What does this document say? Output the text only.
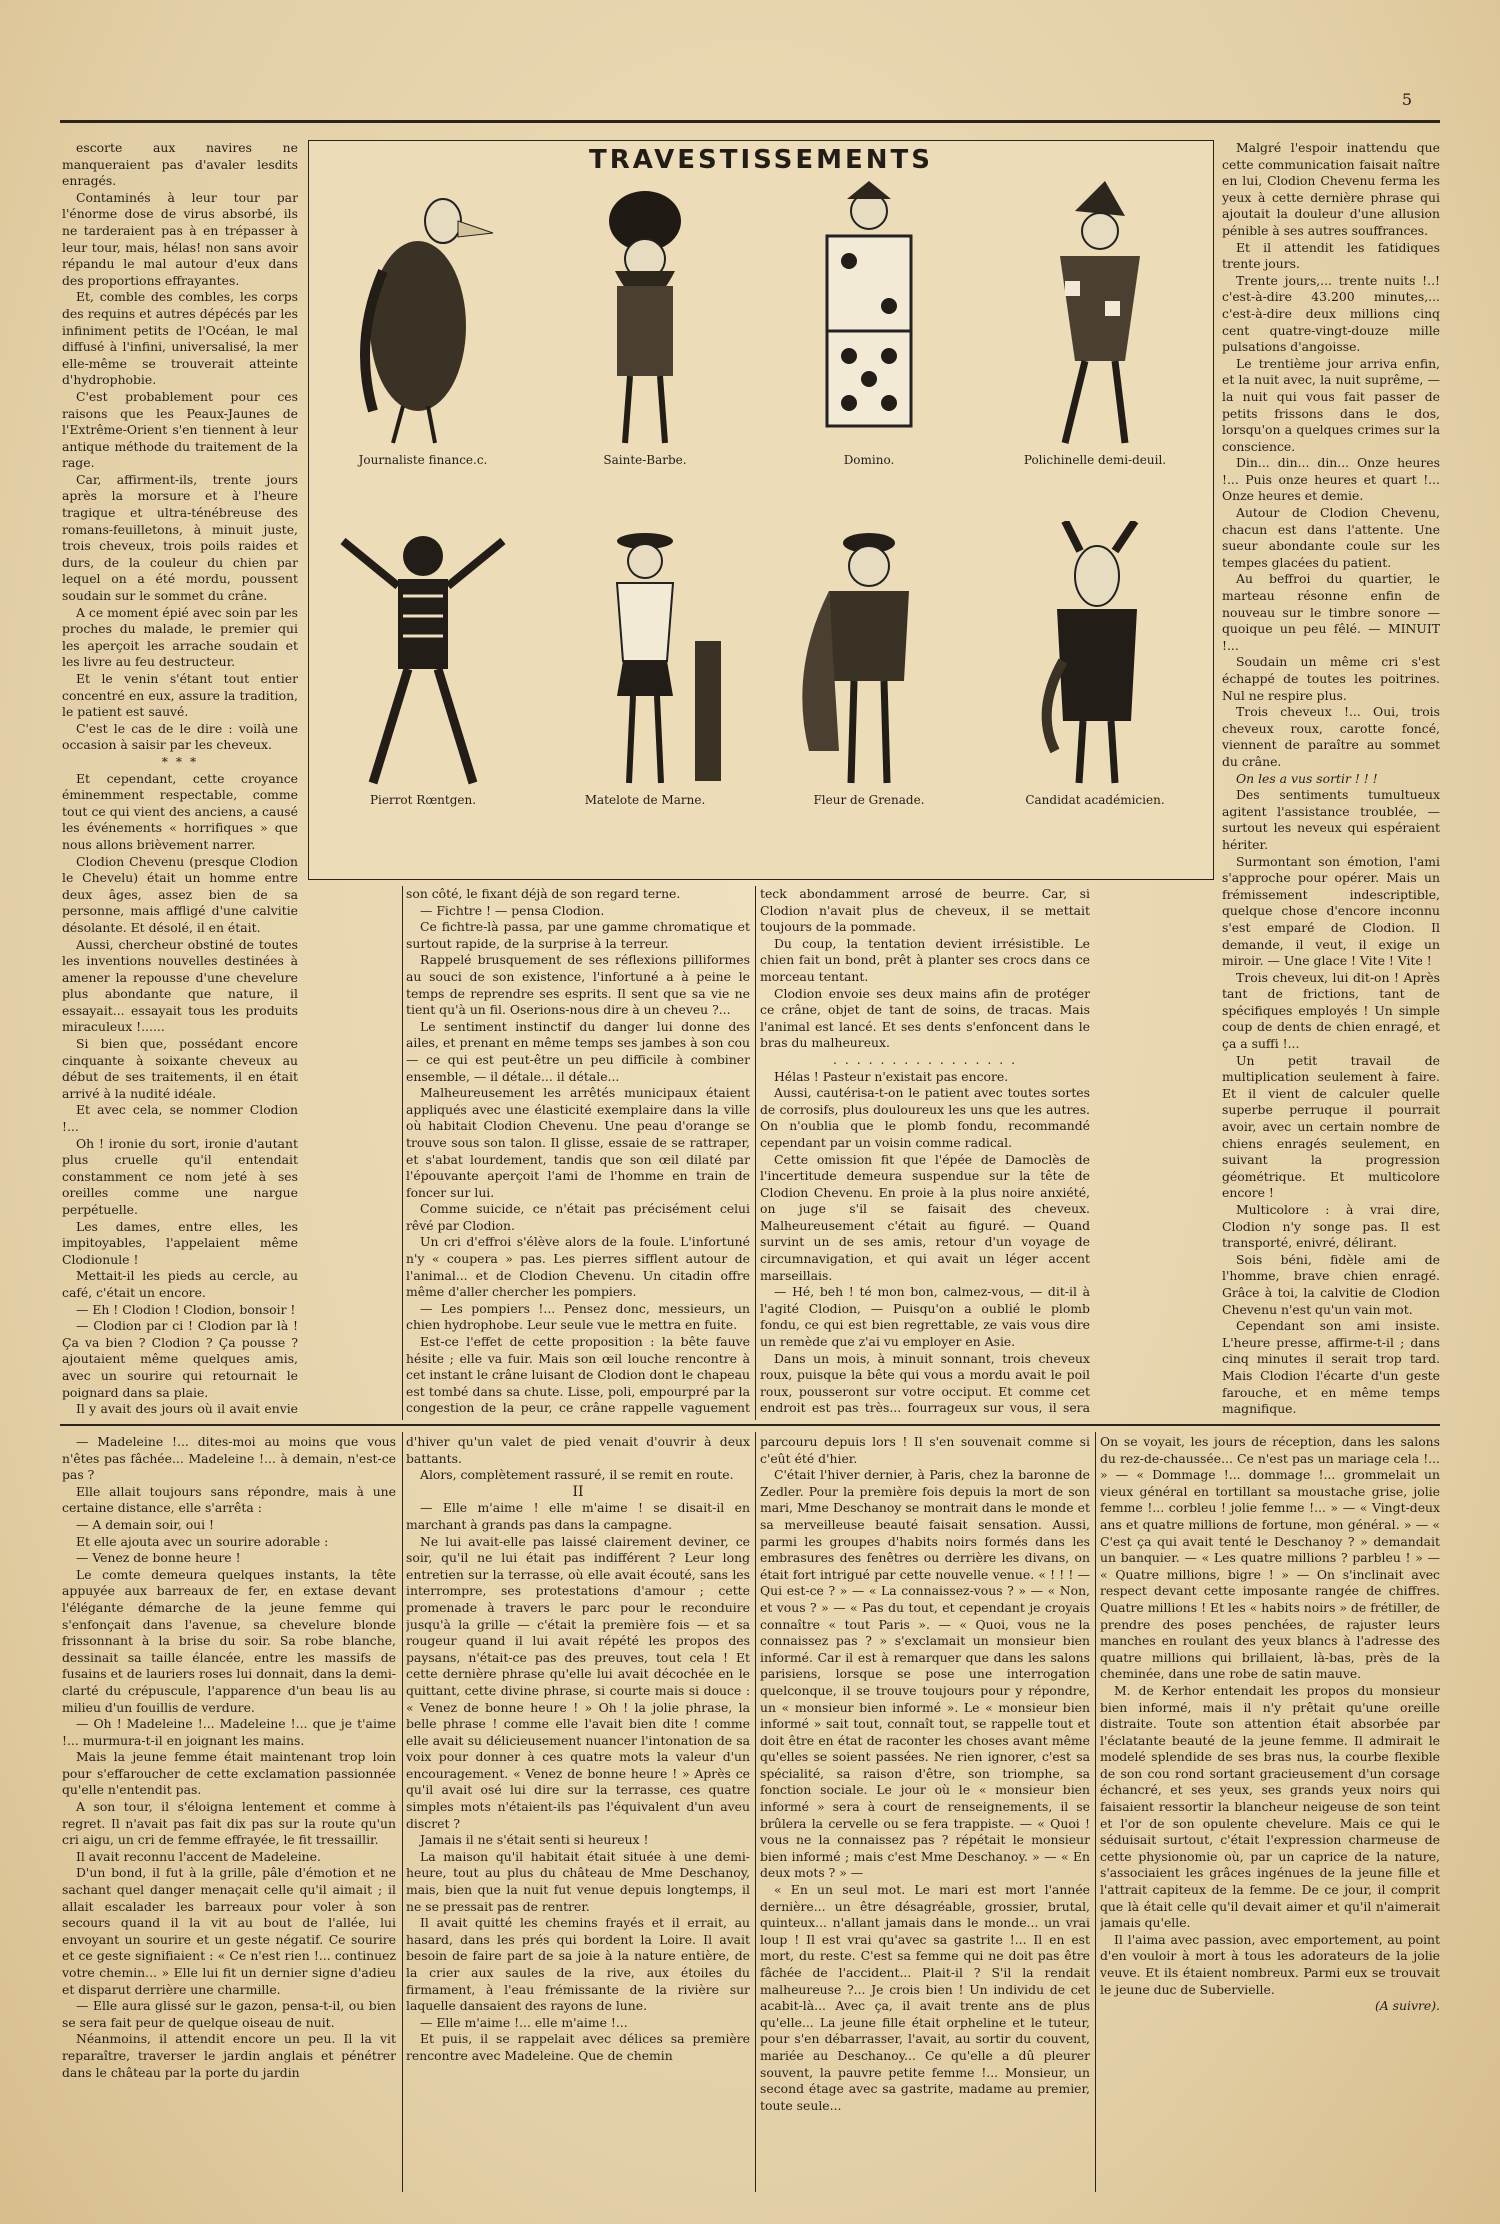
5
TRAVESTISSEMENTS
Journaliste finance.c.	Sainte-Barbe.	Domino.	Polichinelle demi-deuil.
Pierrot Rœntgen.	Matelote de Marne.	Fleur de Grenade.	Candidat académicien.

escorte aux navires ne manqueraient pas d'avaler lesdits enragés.

Contaminés à leur tour par l'énorme dose de virus absorbé, ils ne tarderaient pas à en trépasser à leur tour, mais, hélas! non sans avoir répandu le mal autour d'eux dans des proportions effrayantes.

Et, comble des combles, les corps des requins et autres dépécés par les infiniment petits de l'Océan, le mal diffusé à l'infini, universalisé, la mer elle-même se trouverait atteinte d'hydrophobie.

C'est probablement pour ces raisons que les Peaux-Jaunes de l'Extrême-Orient s'en tiennent à leur antique méthode du traitement de la rage.

Car, affirment-ils, trente jours après la morsure et à l'heure tragique et ultra-ténébreuse des romans-feuilletons, à minuit juste, trois cheveux, trois poils raides et durs, de la couleur du chien par lequel on a été mordu, poussent soudain sur le sommet du crâne.

A ce moment épié avec soin par les proches du malade, le premier qui les aperçoit les arrache soudain et les livre au feu destructeur.

Et le venin s'étant tout entier concentré en eux, assure la tradition, le patient est sauvé.

C'est le cas de le dire : voilà une occasion à saisir par les cheveux.

* * *

Et cependant, cette croyance éminemment respectable, comme tout ce qui vient des anciens, a causé les événements « horrifiques » que nous allons brièvement narrer.

Clodion Chevenu (presque Clodion le Chevelu) était un homme entre deux âges, assez bien de sa personne, mais affligé d'une calvitie désolante. Et désolé, il en était.

Aussi, chercheur obstiné de toutes les inventions nouvelles destinées à amener la repousse d'une chevelure plus abondante que nature, il essayait... essayait tous les produits miraculeux !......

Si bien que, possédant encore cinquante à soixante cheveux au début de ses traitements, il en était arrivé à la nudité idéale.

Et avec cela, se nommer Clodion !...

Oh ! ironie du sort, ironie d'autant plus cruelle qu'il entendait constamment ce nom jeté à ses oreilles comme une nargue perpétuelle.

Les dames, entre elles, les impitoyables, l'appelaient même Clodionule !

Mettait-il les pieds au cercle, au café, c'était un encore.

— Eh ! Clodion ! Clodion, bonsoir !

— Clodion par ci ! Clodion par là ! Ça va bien ? Clodion ? Ça pousse ? ajoutaient même quelques amis, avec un sourire qui retournait le poignard dans sa plaie.

Il y avait des jours où il avait envie

son côté, le fixant déjà de son regard terne.

— Fichtre ! — pensa Clodion.

Ce fichtre-là passa, par une gamme chromatique et surtout rapide, de la surprise à la terreur.

Rappelé brusquement de ses réflexions pilliformes au souci de son existence, l'infortuné a à peine le temps de reprendre ses esprits. Il sent que sa vie ne tient qu'à un fil. Oserions-nous dire à un cheveu ?...

Le sentiment instinctif du danger lui donne des ailes, et prenant en même temps ses jambes à son cou — ce qui est peut-être un peu difficile à combiner ensemble, — il détale... il détale...

Malheureusement les arrêtés municipaux étaient appliqués avec une élasticité exemplaire dans la ville où habitait Clodion Chevenu. Une peau d'orange se trouve sous son talon. Il glisse, essaie de se rattraper, et s'abat lourdement, tandis que son œil dilaté par l'épouvante aperçoit l'ami de l'homme en train de foncer sur lui.

Comme suicide, ce n'était pas précisément celui rêvé par Clodion.

Un cri d'effroi s'élève alors de la foule. L'infortuné n'y « coupera » pas. Les pierres sifflent autour de l'animal... et de Clodion Chevenu. Un citadin offre même d'aller chercher les pompiers.

— Les pompiers !... Pensez donc, messieurs, un chien hydrophobe. Leur seule vue le mettra en fuite.

Est-ce l'effet de cette proposition : la bête fauve hésite ; elle va fuir. Mais son œil louche rencontre à cet instant le crâne luisant de Clodion dont le chapeau est tombé dans sa chute. Lisse, poli, empourpré par la congestion de la peur, ce crâne rappelle vaguement

teck abondamment arrosé de beurre. Car, si Clodion n'avait plus de cheveux, il se mettait toujours de la pommade.

Du coup, la tentation devient irrésistible. Le chien fait un bond, prêt à planter ses crocs dans ce morceau tentant.

Clodion envoie ses deux mains afin de protéger ce crâne, objet de tant de soins, de tracas. Mais l'animal est lancé. Et ses dents s'enfoncent dans le bras du malheureux.

. . . . . . . . . . . . . . . .

Hélas ! Pasteur n'existait pas encore.

Aussi, cautérisa-t-on le patient avec toutes sortes de corrosifs, plus douloureux les uns que les autres. On n'oublia que le plomb fondu, recommandé cependant par un voisin comme radical.

Cette omission fit que l'épée de Damoclès de l'incertitude demeura suspendue sur la tête de Clodion Chevenu. En proie à la plus noire anxiété, on juge s'il se faisait des cheveux. Malheureusement c'était au figuré. — Quand survint un de ses amis, retour d'un voyage de circumnavigation, et qui avait un léger accent marseillais.

— Hé, beh ! té mon bon, calmez-vous, — dit-il à l'agité Clodion, — Puisqu'on a oublié le plomb fondu, ce qui est bien regrettable, ze vais vous dire un remède que z'ai vu employer en Asie.

Dans un mois, à minuit sonnant, trois cheveux roux, puisque la bête qui vous a mordu avait le poil roux, pousseront sur votre occiput. Et comme cet endroit est pas très... fourrageux sur vous, il sera

Malgré l'espoir inattendu que cette communication faisait naître en lui, Clodion Chevenu ferma les yeux à cette dernière phrase qui ajoutait la douleur d'une allusion pénible à ses autres souffrances.

Et il attendit les fatidiques trente jours.

Trente jours,... trente nuits !..! c'est-à-dire 43.200 minutes,... c'est-à-dire deux millions cinq cent quatre-vingt-douze mille pulsations d'angoisse.

Le trentième jour arriva enfin, et la nuit avec, la nuit suprême, — la nuit qui vous fait passer de petits frissons dans le dos, lorsqu'on a quelques crimes sur la conscience.

Din... din... din... Onze heures !... Puis onze heures et quart !... Onze heures et demie.

Autour de Clodion Chevenu, chacun est dans l'attente. Une sueur abondante coule sur les tempes glacées du patient.

Au beffroi du quartier, le marteau résonne enfin de nouveau sur le timbre sonore — quoique un peu fêlé. — MINUIT !...

Soudain un même cri s'est échappé de toutes les poitrines. Nul ne respire plus.

Trois cheveux !... Oui, trois cheveux roux, carotte foncé, viennent de paraître au sommet du crâne.

On les a vus sortir ! ! !

Des sentiments tumultueux agitent l'assistance troublée, — surtout les neveux qui espéraient hériter.

Surmontant son émotion, l'ami s'approche pour opérer. Mais un frémissement indescriptible, quelque chose d'encore inconnu s'est emparé de Clodion. Il demande, il veut, il exige un miroir. — Une glace ! Vite ! Vite !

Trois cheveux, lui dit-on ! Après tant de frictions, tant de spécifiques employés ! Un simple coup de dents de chien enragé, et ça a suffi !...

Un petit travail de multiplication seulement à faire. Et il vient de calculer quelle superbe perruque il pourrait avoir, avec un certain nombre de chiens enragés seulement, en suivant la progression géométrique. Et multicolore encore !

Multicolore : à vrai dire, Clodion n'y songe pas. Il est transporté, enivré, délirant.

Sois béni, fidèle ami de l'homme, brave chien enragé. Grâce à toi, la calvitie de Clodion Chevenu n'est qu'un vain mot.

Cependant son ami insiste. L'heure presse, affirme-t-il ; dans cinq minutes il serait trop tard. Mais Clodion l'écarte d'un geste farouche, et en même temps magnifique.

— Madeleine !... dites-moi au moins que vous n'êtes pas fâchée... Madeleine !... à demain, n'est-ce pas ?

Elle allait toujours sans répondre, mais à une certaine distance, elle s'arrêta :

— A demain soir, oui !

Et elle ajouta avec un sourire adorable :

— Venez de bonne heure !

Le comte demeura quelques instants, la tête appuyée aux barreaux de fer, en extase devant l'élégante démarche de la jeune femme qui s'enfonçait dans l'avenue, sa chevelure blonde frissonnant à la brise du soir. Sa robe blanche, dessinait sa taille élancée, entre les massifs de fusains et de lauriers roses lui donnait, dans la demi-clarté du crépuscule, l'apparence d'un beau lis au milieu d'un fouillis de verdure.

— Oh ! Madeleine !... Madeleine !... que je t'aime !... murmura-t-il en joignant les mains.

Mais la jeune femme était maintenant trop loin pour s'effaroucher de cette exclamation passionnée qu'elle n'entendit pas.

A son tour, il s'éloigna lentement et comme à regret. Il n'avait pas fait dix pas sur la route qu'un cri aigu, un cri de femme effrayée, le fit tressaillir.

Il avait reconnu l'accent de Madeleine.

D'un bond, il fut à la grille, pâle d'émotion et ne sachant quel danger menaçait celle qu'il aimait ; il allait escalader les barreaux pour voler à son secours quand il la vit au bout de l'allée, lui envoyant un sourire et un geste négatif. Ce sourire et ce geste signifiaient : « Ce n'est rien !... continuez votre chemin... » Elle lui fit un dernier signe d'adieu et disparut derrière une charmille.

— Elle aura glissé sur le gazon, pensa-t-il, ou bien se sera fait peur de quelque oiseau de nuit.

Néanmoins, il attendit encore un peu. Il la vit reparaître, traverser le jardin anglais et pénétrer dans le château par la porte du jardin

d'hiver qu'un valet de pied venait d'ouvrir à deux battants.

Alors, complètement rassuré, il se remit en route.

II

— Elle m'aime ! elle m'aime ! se disait-il en marchant à grands pas dans la campagne.

Ne lui avait-elle pas laissé clairement deviner, ce soir, qu'il ne lui était pas indifférent ? Leur long entretien sur la terrasse, où elle avait écouté, sans les interrompre, ses protestations d'amour ; cette promenade à travers le parc pour le reconduire jusqu'à la grille — c'était la première fois — et sa rougeur quand il lui avait répété les propos des paysans, n'était-ce pas des preuves, tout cela ! Et cette dernière phrase qu'elle lui avait décochée en le quittant, cette divine phrase, si courte mais si douce : « Venez de bonne heure ! » Oh ! la jolie phrase, la belle phrase ! comme elle l'avait bien dite ! comme elle avait su délicieusement nuancer l'intonation de sa voix pour donner à ces quatre mots la valeur d'un encouragement. « Venez de bonne heure ! » Après ce qu'il avait osé lui dire sur la terrasse, ces quatre simples mots n'étaient-ils pas l'équivalent d'un aveu discret ?

Jamais il ne s'était senti si heureux !

La maison qu'il habitait était située à une demi-heure, tout au plus du château de Mme Deschanoy, mais, bien que la nuit fut venue depuis longtemps, il ne se pressait pas de rentrer.

Il avait quitté les chemins frayés et il errait, au hasard, dans les prés qui bordent la Loire. Il avait besoin de faire part de sa joie à la nature entière, de la crier aux saules de la rive, aux étoiles du firmament, à l'eau frémissante de la rivière sur laquelle dansaient des rayons de lune.

— Elle m'aime !... elle m'aime !...

Et puis, il se rappelait avec délices sa première rencontre avec Madeleine. Que de chemin

parcouru depuis lors ! Il s'en souvenait comme si c'eût été d'hier.

C'était l'hiver dernier, à Paris, chez la baronne de Zedler. Pour la première fois depuis la mort de son mari, Mme Deschanoy se montrait dans le monde et sa merveilleuse beauté faisait sensation. Aussi, parmi les groupes d'habits noirs formés dans les embrasures des fenêtres ou derrière les divans, on était fort intrigué par cette nouvelle venue. « ! ! ! — Qui est-ce ? » — « La connaissez-vous ? » — « Non, et vous ? » — « Pas du tout, et cependant je croyais connaître « tout Paris ». — « Quoi, vous ne la connaissez pas ? » s'exclamait un monsieur bien informé. Car il est à remarquer que dans les salons parisiens, lorsque se pose une interrogation quelconque, il se trouve toujours pour y répondre, un « monsieur bien informé ». Le « monsieur bien informé » sait tout, connaît tout, se rappelle tout et doit être en état de raconter les choses avant même qu'elles se soient passées. Ne rien ignorer, c'est sa spécialité, sa raison d'être, son triomphe, sa fonction sociale. Le jour où le « monsieur bien informé » sera à court de renseignements, il se brûlera la cervelle ou se fera trappiste. — « Quoi ! vous ne la connaissez pas ? répétait le monsieur bien informé ; mais c'est Mme Deschanoy. » — « En deux mots ? » —

« En un seul mot. Le mari est mort l'année dernière... un être désagréable, grossier, brutal, quinteux... n'allant jamais dans le monde... un vrai loup ! Il est vrai qu'avec sa gastrite !... Il en est mort, du reste. C'est sa femme qui ne doit pas être fâchée de l'accident... Plait-il ? S'il la rendait malheureuse ?... Je crois bien ! Un individu de cet acabit-là... Avec ça, il avait trente ans de plus qu'elle... La jeune fille était orpheline et le tuteur, pour s'en débarrasser, l'avait, au sortir du couvent, mariée au Deschanoy... Ce qu'elle a dû pleurer souvent, la pauvre petite femme !... Monsieur, un second étage avec sa gastrite, madame au premier, toute seule...

On se voyait, les jours de réception, dans les salons du rez-de-chaussée... Ce n'est pas un mariage cela !... » — « Dommage !... dommage !... grommelait un vieux général en tortillant sa moustache grise, jolie femme !... corbleu ! jolie femme !... » — « Vingt-deux ans et quatre millions de fortune, mon général. » — « C'est ça qui avait tenté le Deschanoy ? » demandait un banquier. — « Les quatre millions ? parbleu ! » — « Quatre millions, bigre ! » — On s'inclinait avec respect devant cette imposante rangée de chiffres. Quatre millions ! Et les « habits noirs » de frétiller, de prendre des poses penchées, de rajuster leurs manches en roulant des yeux blancs à l'adresse des quatre millions qui brillaient, là-bas, près de la cheminée, dans une robe de satin mauve.

M. de Kerhor entendait les propos du monsieur bien informé, mais il n'y prêtait qu'une oreille distraite. Toute son attention était absorbée par l'éclatante beauté de la jeune femme. Il admirait le modelé splendide de ses bras nus, la courbe flexible de son cou rond sortant gracieusement d'un corsage échancré, et ses yeux, ses grands yeux noirs qui faisaient ressortir la blancheur neigeuse de son teint et l'or de son opulente chevelure. Mais ce qui le séduisait surtout, c'était l'expression charmeuse de cette physionomie où, par un caprice de la nature, s'associaient les grâces ingénues de la jeune fille et l'attrait capiteux de la femme. De ce jour, il comprit que là était celle qu'il devait aimer et qu'il n'aimerait jamais qu'elle.

Il l'aima avec passion, avec emportement, au point d'en vouloir à mort à tous les adorateurs de la jolie veuve. Et ils étaient nombreux. Parmi eux se trouvait le jeune duc de Subervielle.

(A suivre).
